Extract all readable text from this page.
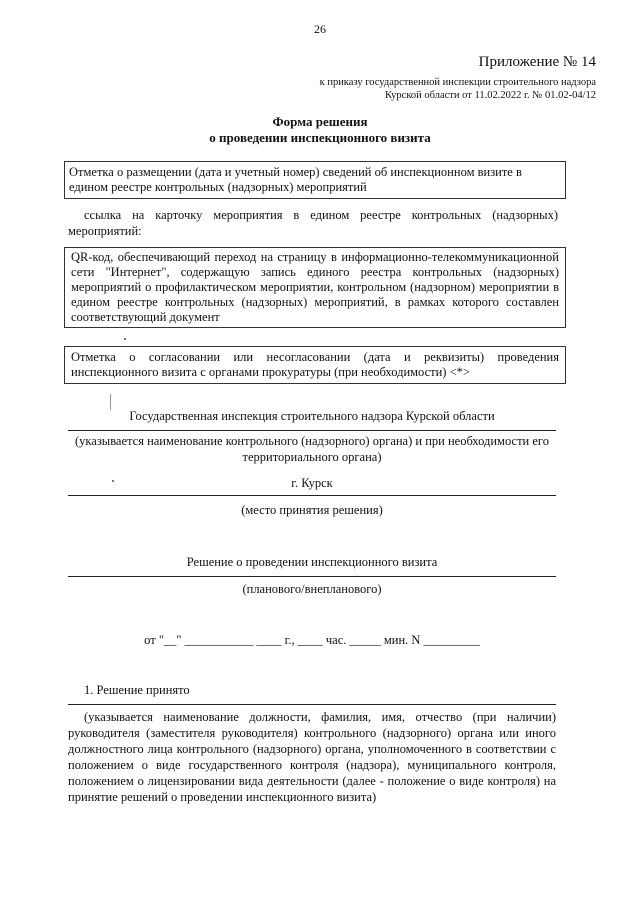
26
Приложение № 14
к приказу государственной инспекции строительного надзора
Курской области от 11.02.2022 г. № 01.02-04/12
Форма решения
о проведении инспекционного визита
Отметка о размещении (дата и учетный номер) сведений об инспекционном визите в едином реестре контрольных (надзорных) мероприятий
ссылка на карточку мероприятия в едином реестре контрольных (надзорных) мероприятий:
QR-код, обеспечивающий переход на страницу в информационно-телекоммуникационной сети "Интернет", содержащую запись единого реестра контрольных (надзорных) мероприятий о профилактическом мероприятии, контрольном (надзорном) мероприятии в едином реестре контрольных (надзорных) мероприятий, в рамках которого составлен соответствующий документ
Отметка о согласовании или несогласовании (дата и реквизиты) проведения инспекционного визита с органами прокуратуры (при необходимости) <*>
Государственная инспекция строительного надзора Курской области
(указывается наименование контрольного (надзорного) органа) и при необходимости его территориального органа)
г. Курск
(место принятия решения)
Решение о проведении инспекционного визита
(планового/внепланового)
от "__" ___________ ____ г., ____ час. _____ мин. N _________
1. Решение принято
(указывается наименование должности, фамилия, имя, отчество (при наличии) руководителя (заместителя руководителя) контрольного (надзорного) органа или иного должностного лица контрольного (надзорного) органа, уполномоченного в соответствии с положением о виде государственного контроля (надзора), муниципального контроля, положением о лицензировании вида деятельности (далее - положение о виде контроля) на принятие решений о проведении инспекционного визита)
